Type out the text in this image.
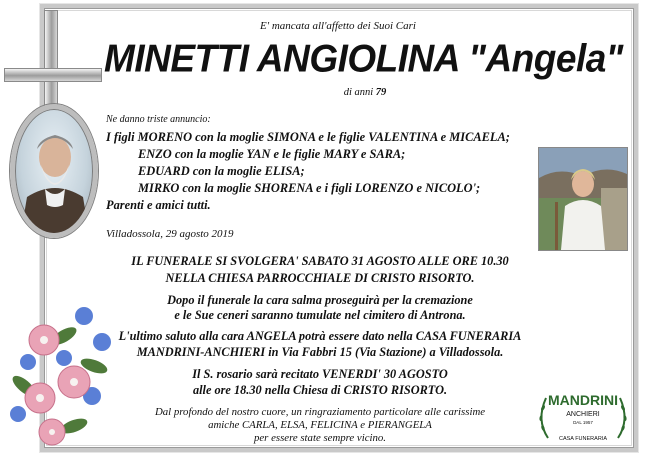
E' mancata all'affetto dei Suoi Cari
MINETTI ANGIOLINA "Angela"
di anni 79
Ne danno triste annuncio:
I figli MORENO con la moglie SIMONA e le figlie VALENTINA e MICAELA;
ENZO con la moglie YAN e le figlie MARY e SARA;
EDUARD con la moglie ELISA;
MIRKO con la moglie SHORENA e i figli LORENZO e NICOLO';
Parenti e amici tutti.
Villadossola, 29 agosto 2019
IL FUNERALE SI SVOLGERA' SABATO 31 AGOSTO ALLE ORE 10.30
NELLA CHIESA PARROCCHIALE DI CRISTO RISORTO.
Dopo il funerale la cara salma proseguirà per la cremazione
e le Sue ceneri saranno tumulate nel cimitero di Antrona.
L'ultimo saluto alla cara ANGELA potrà essere dato nella CASA FUNERARIA
MANDRINI-ANCHIERI in Via Fabbri 15 (Via Stazione) a Villadossola.
Il S. rosario sarà recitato VENERDI' 30 AGOSTO
alle ore 18.30 nella Chiesa di CRISTO RISORTO.
Dal profondo del nostro cuore, un ringraziamento particolare alle carissime
amiche CARLA, ELSA, FELICINA e PIERANGELA
per essere state sempre vicino.
MANDRINI
ANCHIERI
DAL 1957
CASA FUNERARIA
